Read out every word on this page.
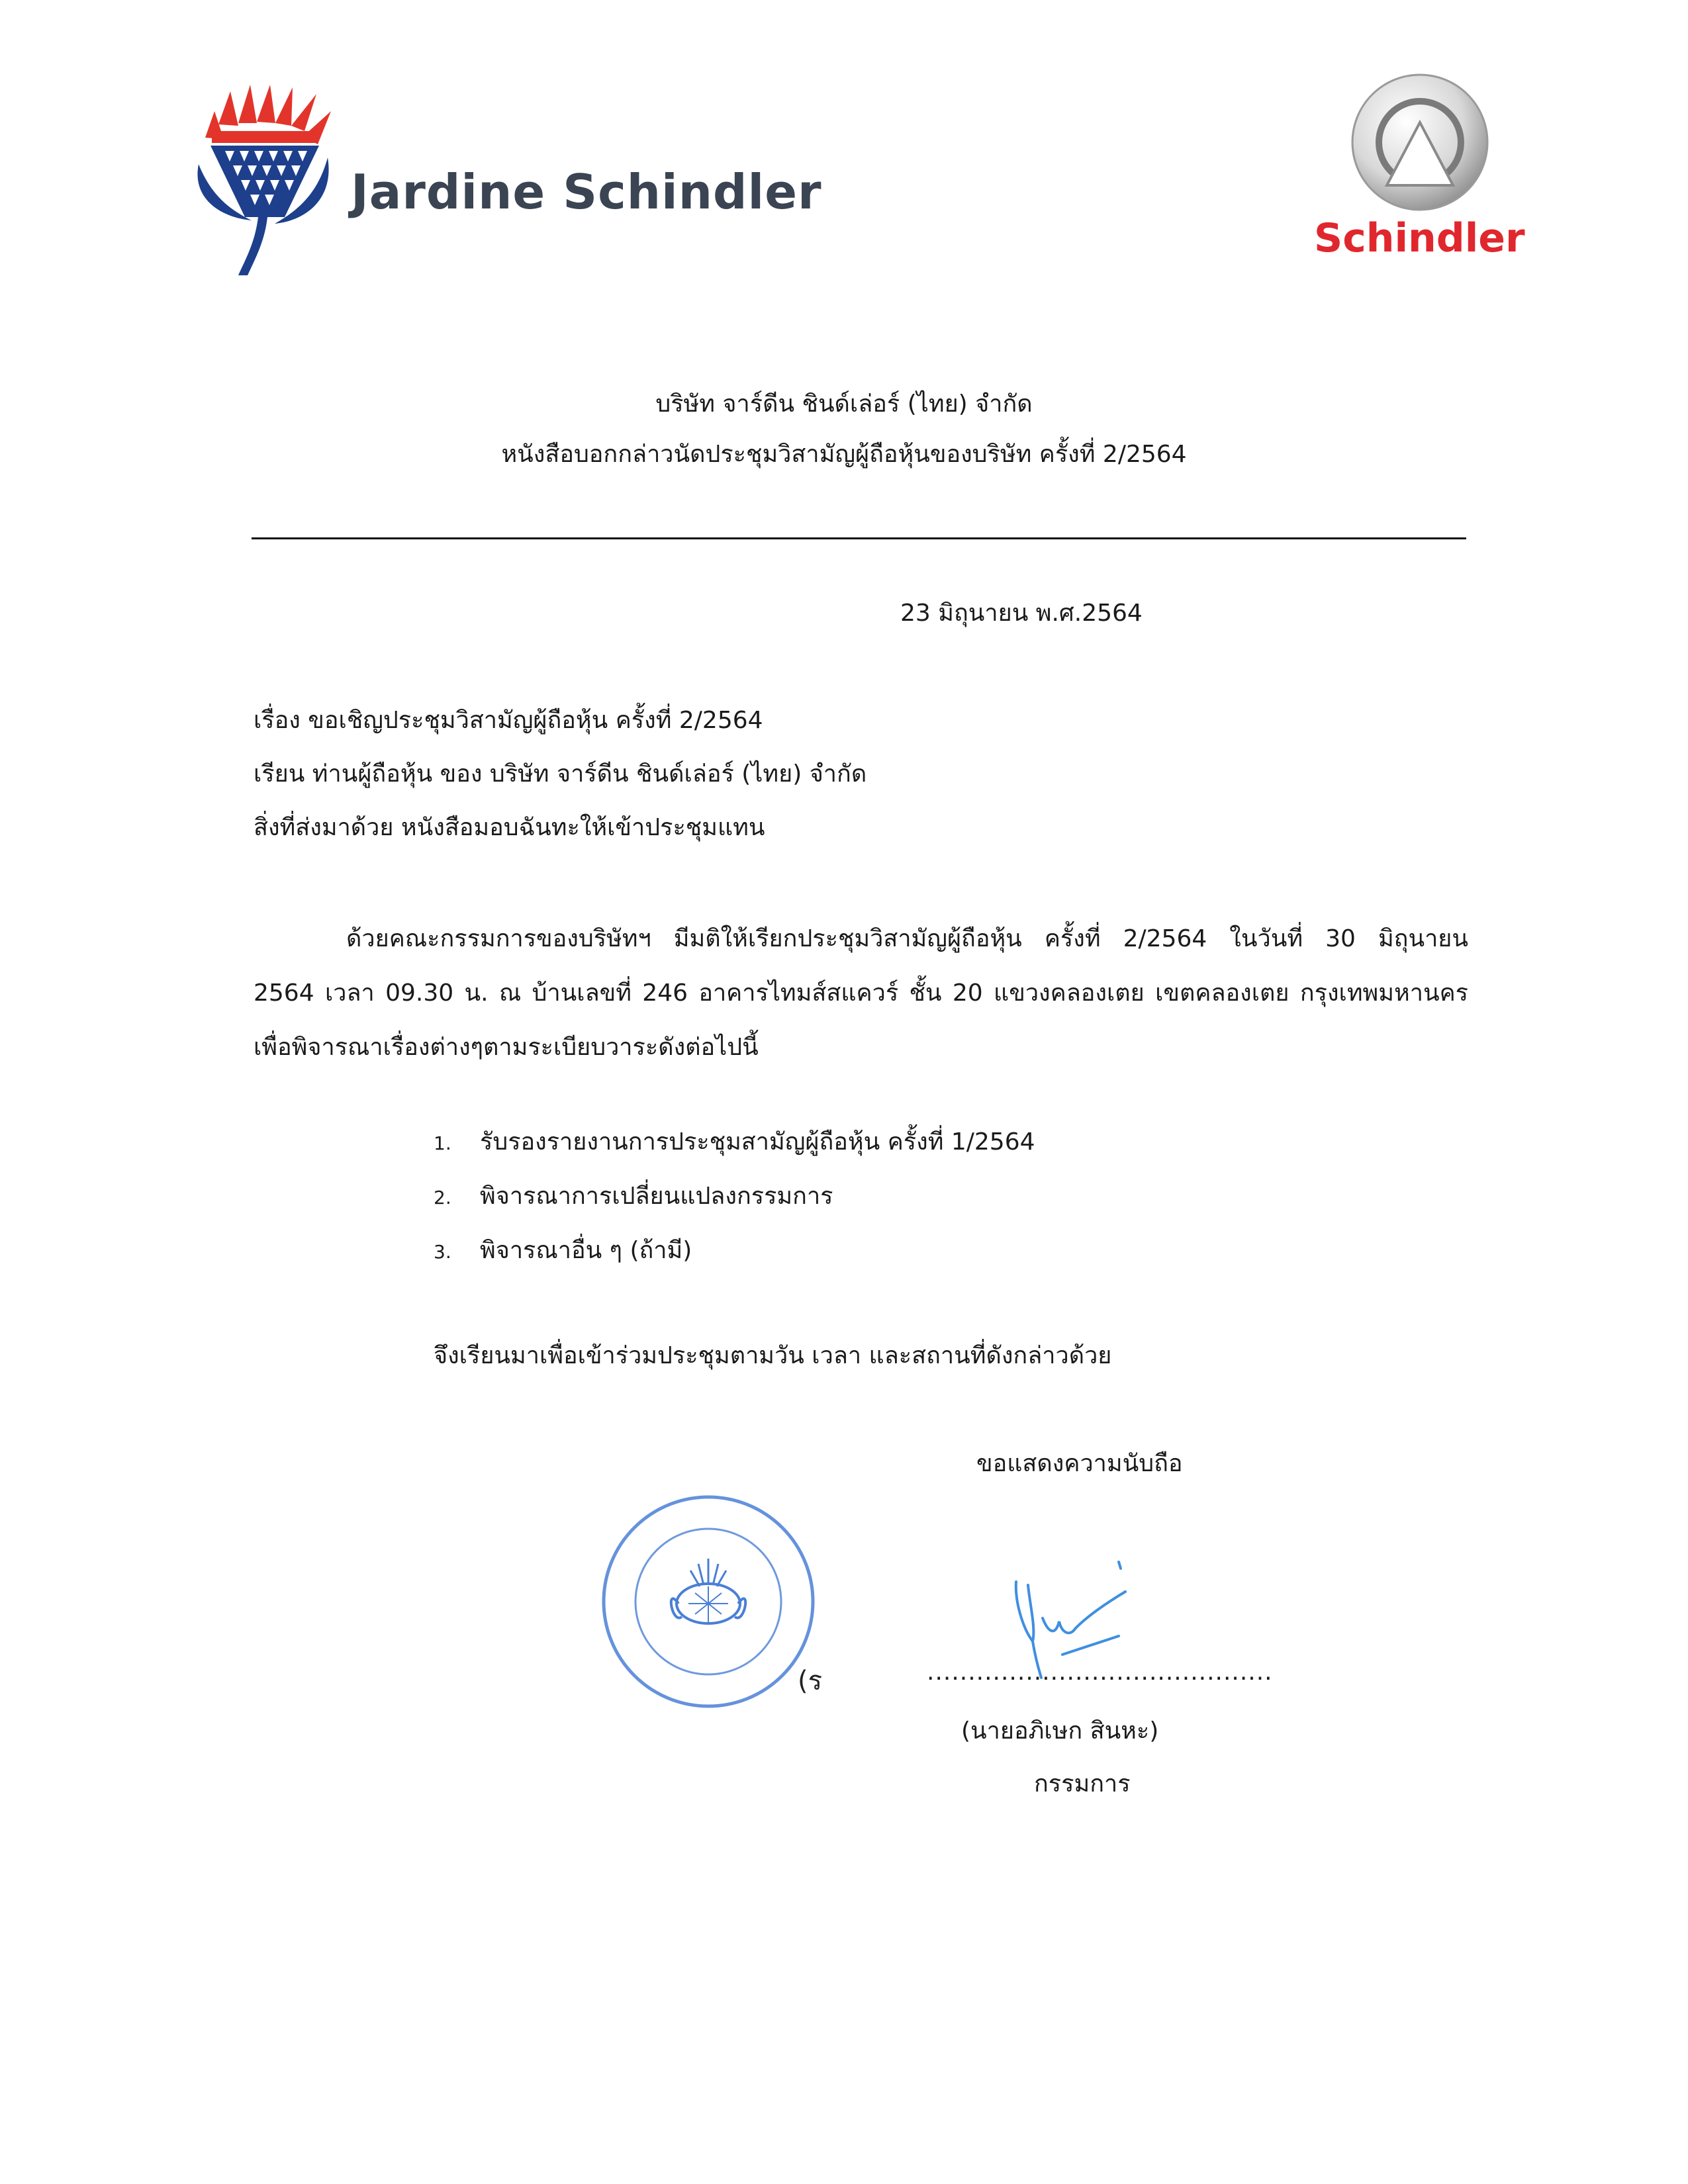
Jardine Schindler
Schindler
บริษัท จาร์ดีน ชินด์เล่อร์ (ไทย) จำกัด
หนังสือบอกกล่าวนัดประชุมวิสามัญผู้ถือหุ้นของบริษัท ครั้งที่ 2/2564
23 มิถุนายน พ.ศ.2564
เรื่อง ขอเชิญประชุมวิสามัญผู้ถือหุ้น ครั้งที่ 2/2564
เรียน ท่านผู้ถือหุ้น ของ บริษัท จาร์ดีน ชินด์เล่อร์ (ไทย) จำกัด
สิ่งที่ส่งมาด้วย หนังสือมอบฉันทะให้เข้าประชุมแทน
ด้วยคณะกรรมการของบริษัทฯ มีมติให้เรียกประชุมวิสามัญผู้ถือหุ้น ครั้งที่ 2/2564 ในวันที่ 30 มิถุนายน
2564 เวลา 09.30 น. ณ บ้านเลขที่ 246 อาคารไทมส์สแควร์ ชั้น 20 แขวงคลองเตย เขตคลองเตย กรุงเทพมหานคร
เพื่อพิจารณาเรื่องต่างๆตามระเบียบวาระดังต่อไปนี้
1. รับรองรายงานการประชุมสามัญผู้ถือหุ้น ครั้งที่ 1/2564
2. พิจารณาการเปลี่ยนแปลงกรรมการ
3. พิจารณาอื่น ๆ (ถ้ามี)
จึงเรียนมาเพื่อเข้าร่วมประชุมตามวัน เวลา และสถานที่ดังกล่าวด้วย
ขอแสดงความนับถือ
(ร	..........................................
(นายอภิเษก สินหะ)
กรรมการ
